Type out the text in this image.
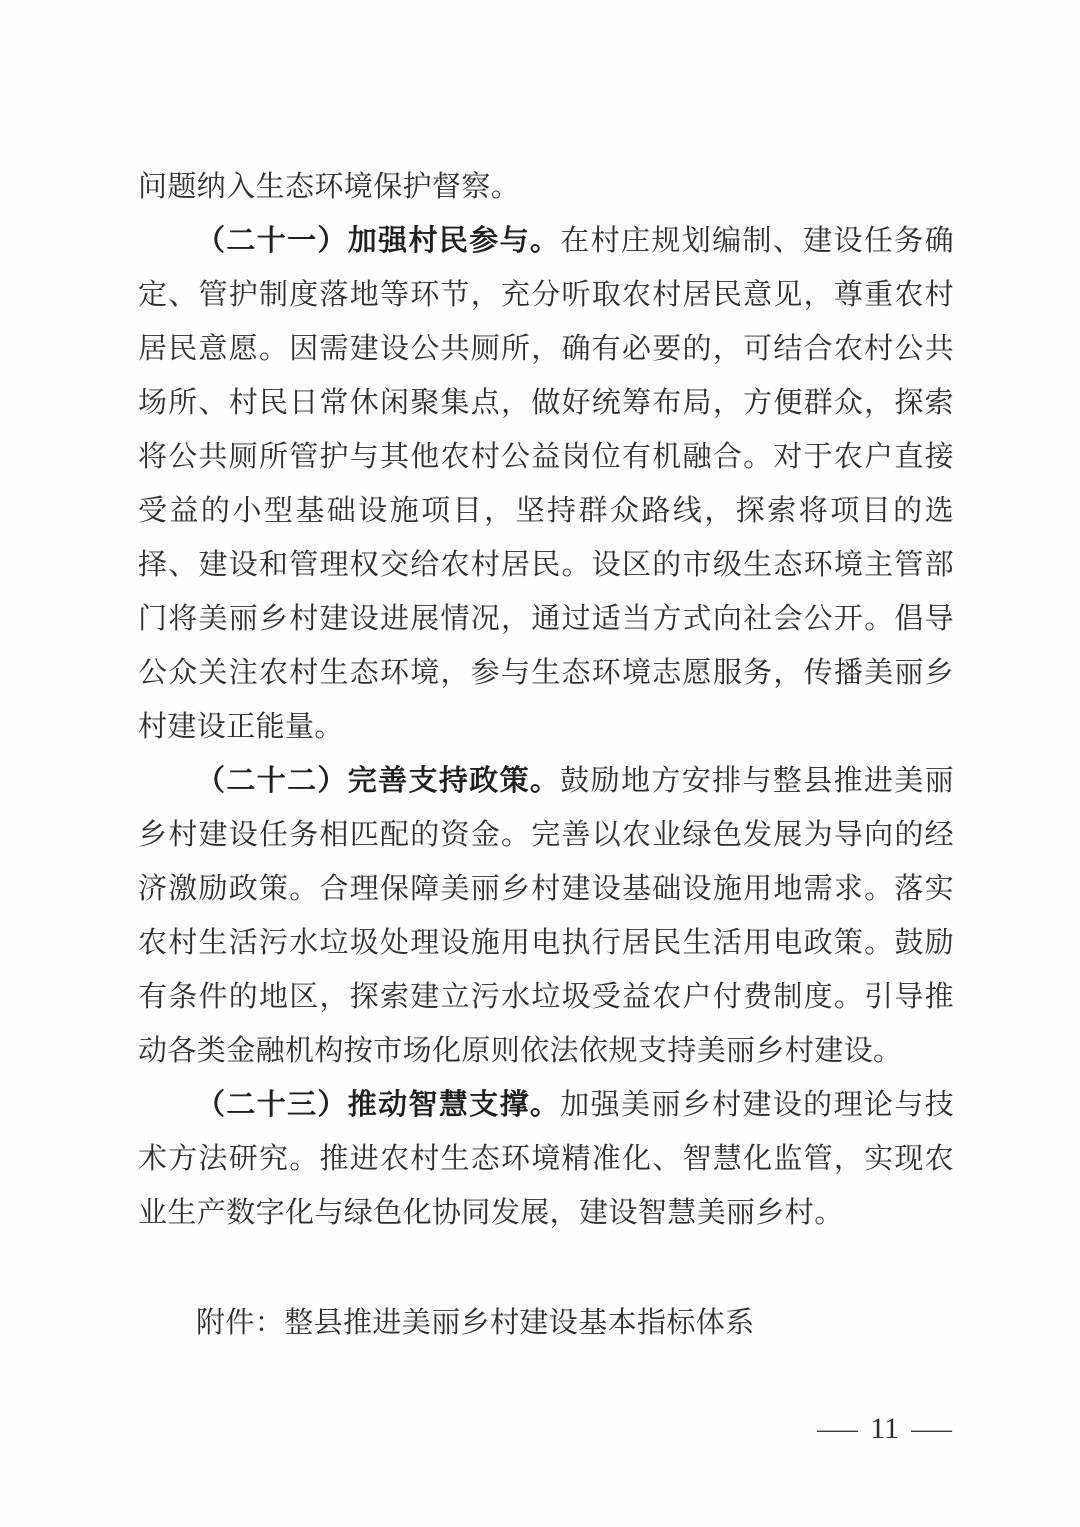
问题纳入生态环境保护督察。

（二十一）加强村民参与。在村庄规划编制、建设任务确定、管护制度落地等环节，充分听取农村居民意见，尊重农村居民意愿。因需建设公共厕所，确有必要的，可结合农村公共场所、村民日常休闲聚集点，做好统筹布局，方便群众，探索将公共厕所管护与其他农村公益岗位有机融合。对于农户直接受益的小型基础设施项目，坚持群众路线，探索将项目的选择、建设和管理权交给农村居民。设区的市级生态环境主管部门将美丽乡村建设进展情况，通过适当方式向社会公开。倡导公众关注农村生态环境，参与生态环境志愿服务，传播美丽乡村建设正能量。

（二十二）完善支持政策。鼓励地方安排与整县推进美丽乡村建设任务相匹配的资金。完善以农业绿色发展为导向的经济激励政策。合理保障美丽乡村建设基础设施用地需求。落实农村生活污水垃圾处理设施用电执行居民生活用电政策。鼓励有条件的地区，探索建立污水垃圾受益农户付费制度。引导推动各类金融机构按市场化原则依法依规支持美丽乡村建设。

（二十三）推动智慧支撑。加强美丽乡村建设的理论与技术方法研究。推进农村生态环境精准化、智慧化监管，实现农业生产数字化与绿色化协同发展，建设智慧美丽乡村。

附件：整县推进美丽乡村建设基本指标体系

— 11 —
